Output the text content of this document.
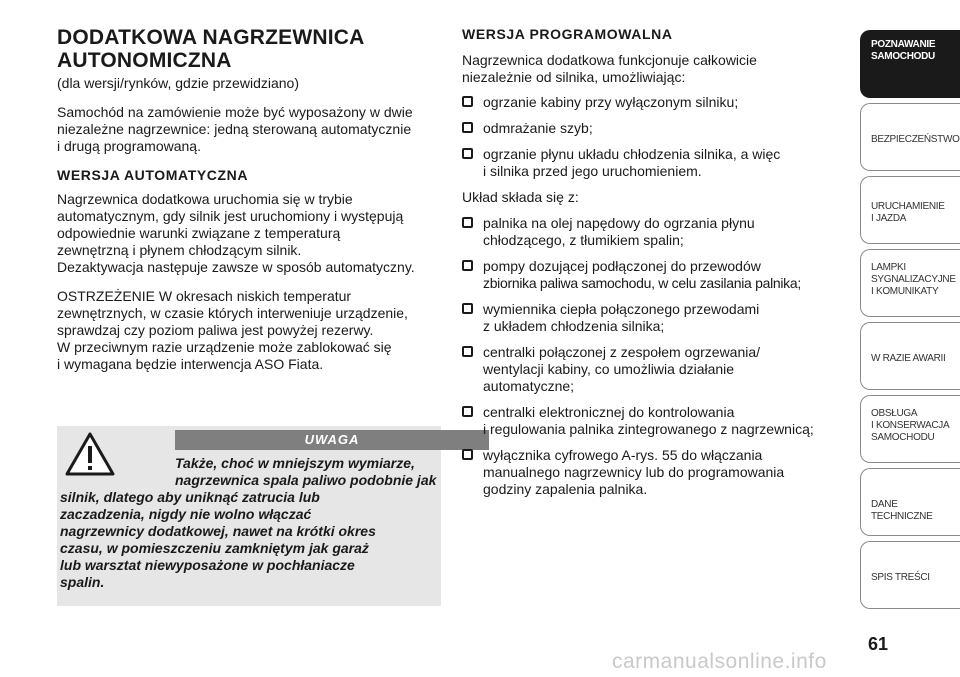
DODATKOWA NAGRZEWNICA
AUTONOMICZNA

(dla wersji/rynków, gdzie przewidziano)

Samochód na zamówienie może być wyposażony w dwie
niezależne nagrzewnice: jedną sterowaną automatycznie
i drugą programowaną.

WERSJA AUTOMATYCZNA

Nagrzewnica dodatkowa uruchomia się w trybie
automatycznym, gdy silnik jest uruchomiony i występują
odpowiednie warunki związane z temperaturą
zewnętrzną i płynem chłodzącym silnik.
Dezaktywacja następuje zawsze w sposób automatyczny.

OSTRZEŻENIE W okresach niskich temperatur
zewnętrznych, w czasie których interweniuje urządzenie,
sprawdzaj czy poziom paliwa jest powyżej rezerwy.
W przeciwnym razie urządzenie może zablokować się
i wymagana będzie interwencja ASO Fiata.

UWAGA
Także, choć w mniejszym wymiarze,
nagrzewnica spala paliwo podobnie jak
silnik, dlatego aby uniknąć zatrucia lub
zaczadzenia, nigdy nie wolno włączać
nagrzewnicy dodatkowej, nawet na krótki okres
czasu, w pomieszczeniu zamkniętym jak garaż
lub warsztat niewyposażone w pochłaniacze
spalin.
WERSJA PROGRAMOWALNA

Nagrzewnica dodatkowa funkcjonuje całkowicie
niezależnie od silnika, umożliwiając:

ogrzanie kabiny przy wyłączonym silniku;
odmrażanie szyb;
ogrzanie płynu układu chłodzenia silnika, a więc
i silnika przed jego uruchomieniem.

Układ składa się z:

palnika na olej napędowy do ogrzania płynu
chłodzącego, z tłumikiem spalin;
pompy dozującej podłączonej do przewodów
zbiornika paliwa samochodu, w celu zasilania palnika;
wymiennika ciepła połączonego przewodami
z układem chłodzenia silnika;
centralki połączonej z zespołem ogrzewania/
wentylacji kabiny, co umożliwia działanie
automatyczne;
centralki elektronicznej do kontrolowania
i regulowania palnika zintegrowanego z nagrzewnicą;
wyłącznika cyfrowego A-rys. 55 do włączania
manualnego nagrzewnicy lub do programowania
godziny zapalenia palnika.
POZNAWANIE
SAMOCHODU
BEZPIECZEŃSTWO
URUCHAMIENIE
I JAZDA
LAMPKI
SYGNALIZACYJNE
I KOMUNIKATY
W RAZIE AWARII
OBSŁUGA
I KONSERWACJA
SAMOCHODU
DANE TECHNICZNE
SPIS TREŚCI
61
carmanualsonline.info
